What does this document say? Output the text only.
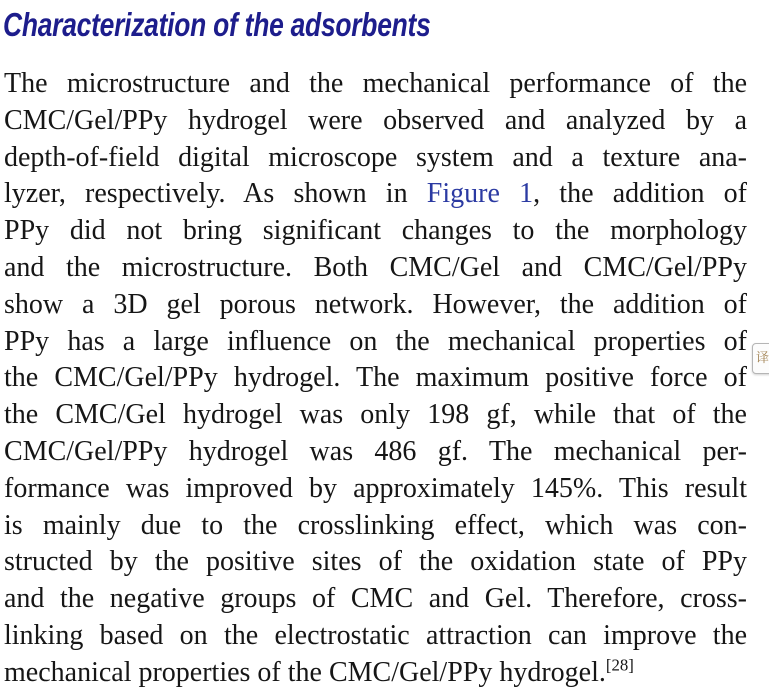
Characterization of the adsorbents
The microstructure and the mechanical performance of the
CMC/Gel/PPy hydrogel were observed and analyzed by a
depth-of-field digital microscope system and a texture ana-
lyzer, respectively. As shown in Figure 1, the addition of
PPy did not bring significant changes to the morphology
and the microstructure. Both CMC/Gel and CMC/Gel/PPy
show a 3D gel porous network. However, the addition of
PPy has a large influence on the mechanical properties of
the CMC/Gel/PPy hydrogel. The maximum positive force of
the CMC/Gel hydrogel was only 198 gf, while that of the
CMC/Gel/PPy hydrogel was 486 gf. The mechanical per-
formance was improved by approximately 145%. This result
is mainly due to the crosslinking effect, which was con-
structed by the positive sites of the oxidation state of PPy
and the negative groups of CMC and Gel. Therefore, cross-
linking based on the electrostatic attraction can improve the
mechanical properties of the CMC/Gel/PPy hydrogel.[28]
译
